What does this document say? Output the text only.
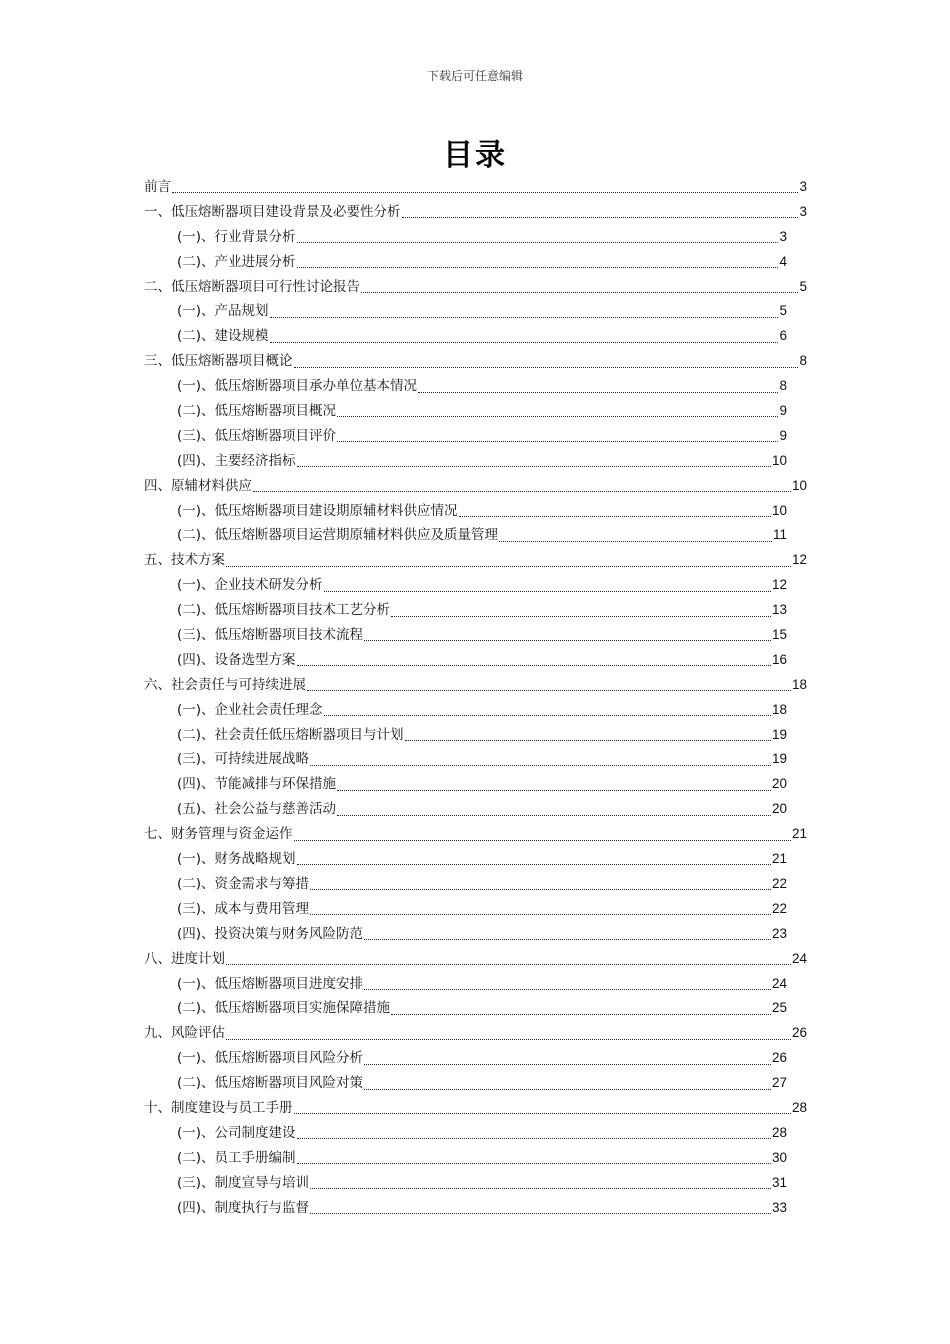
下载后可任意编辑
目录
前言	3
一、低压熔断器项目建设背景及必要性分析	3
(一)、行业背景分析	3
(二)、产业进展分析	4
二、低压熔断器项目可行性讨论报告	5
(一)、产品规划	5
(二)、建设规模	6
三、低压熔断器项目概论	8
(一)、低压熔断器项目承办单位基本情况	8
(二)、低压熔断器项目概况	9
(三)、低压熔断器项目评价	9
(四)、主要经济指标	10
四、原辅材料供应	10
(一)、低压熔断器项目建设期原辅材料供应情况	10
(二)、低压熔断器项目运营期原辅材料供应及质量管理	11
五、技术方案	12
(一)、企业技术研发分析	12
(二)、低压熔断器项目技术工艺分析	13
(三)、低压熔断器项目技术流程	15
(四)、设备选型方案	16
六、社会责任与可持续进展	18
(一)、企业社会责任理念	18
(二)、社会责任低压熔断器项目与计划	19
(三)、可持续进展战略	19
(四)、节能减排与环保措施	20
(五)、社会公益与慈善活动	20
七、财务管理与资金运作	21
(一)、财务战略规划	21
(二)、资金需求与筹措	22
(三)、成本与费用管理	22
(四)、投资决策与财务风险防范	23
八、进度计划	24
(一)、低压熔断器项目进度安排	24
(二)、低压熔断器项目实施保障措施	25
九、风险评估	26
(一)、低压熔断器项目风险分析	26
(二)、低压熔断器项目风险对策	27
十、制度建设与员工手册	28
(一)、公司制度建设	28
(二)、员工手册编制	30
(三)、制度宣导与培训	31
(四)、制度执行与监督	33
